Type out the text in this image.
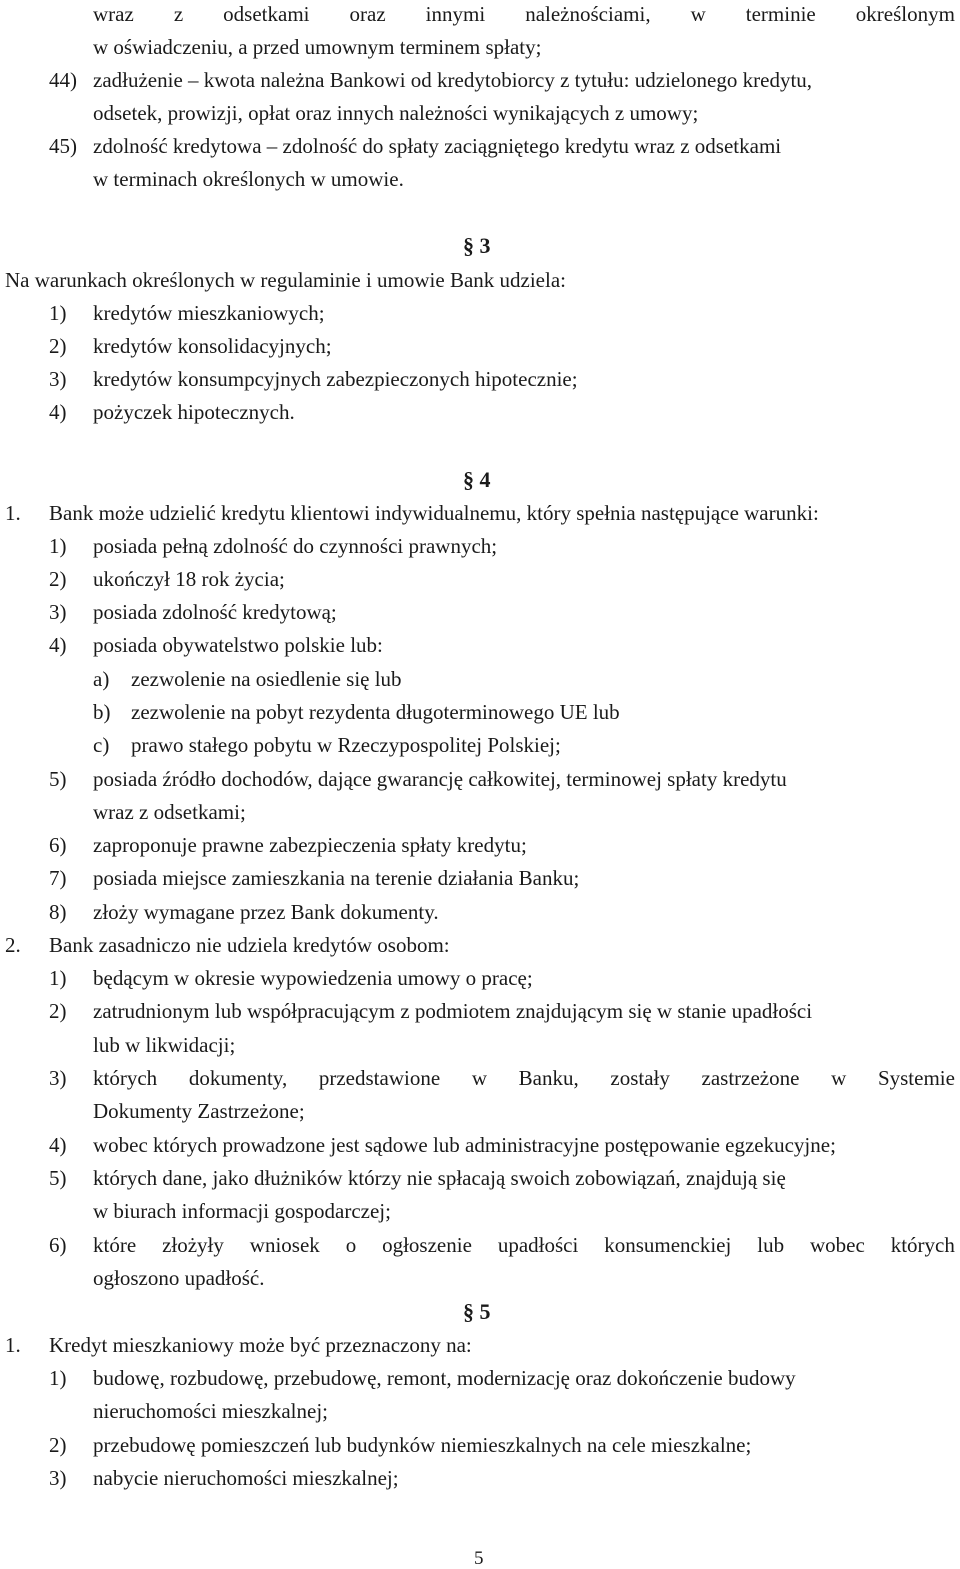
wraz z odsetkami oraz innymi należnościami, w terminie określonym
w oświadczeniu, a przed umownym terminem spłaty;
44) zadłużenie – kwota należna Bankowi od kredytobiorcy z tytułu: udzielonego kredytu,
odsetek, prowizji, opłat oraz innych należności wynikających z umowy;
45) zdolność kredytowa – zdolność do spłaty zaciągniętego kredytu wraz z odsetkami
w terminach określonych w umowie.
§ 3
Na warunkach określonych w regulaminie i umowie Bank udziela:
1) kredytów mieszkaniowych;
2) kredytów konsolidacyjnych;
3) kredytów konsumpcyjnych zabezpieczonych hipotecznie;
4) pożyczek hipotecznych.
§ 4
1. Bank może udzielić kredytu klientowi indywidualnemu, który spełnia następujące warunki:
1) posiada pełną zdolność do czynności prawnych;
2) ukończył 18 rok życia;
3) posiada zdolność kredytową;
4) posiada obywatelstwo polskie lub:
a) zezwolenie na osiedlenie się lub
b) zezwolenie na pobyt rezydenta długoterminowego UE lub
c) prawo stałego pobytu w Rzeczypospolitej Polskiej;
5) posiada źródło dochodów, dające gwarancję całkowitej, terminowej spłaty kredytu
wraz z odsetkami;
6) zaproponuje prawne zabezpieczenia spłaty kredytu;
7) posiada miejsce zamieszkania na terenie działania Banku;
8) złoży wymagane przez Bank dokumenty.
2. Bank zasadniczo nie udziela kredytów osobom:
1) będącym w okresie wypowiedzenia umowy o pracę;
2) zatrudnionym lub współpracującym z podmiotem znajdującym się w stanie upadłości
lub w likwidacji;
3) których dokumenty, przedstawione w Banku, zostały zastrzeżone w Systemie
Dokumenty Zastrzeżone;
4) wobec których prowadzone jest sądowe lub administracyjne postępowanie egzekucyjne;
5) których dane, jako dłużników którzy nie spłacają swoich zobowiązań, znajdują się
w biurach informacji gospodarczej;
6) które złożyły wniosek o ogłoszenie upadłości konsumenckiej lub wobec których
ogłoszono upadłość.
§ 5
1. Kredyt mieszkaniowy może być przeznaczony na:
1) budowę, rozbudowę, przebudowę, remont, modernizację oraz dokończenie budowy
nieruchomości mieszkalnej;
2) przebudowę pomieszczeń lub budynków niemieszkalnych na cele mieszkalne;
3) nabycie nieruchomości mieszkalnej;
5
